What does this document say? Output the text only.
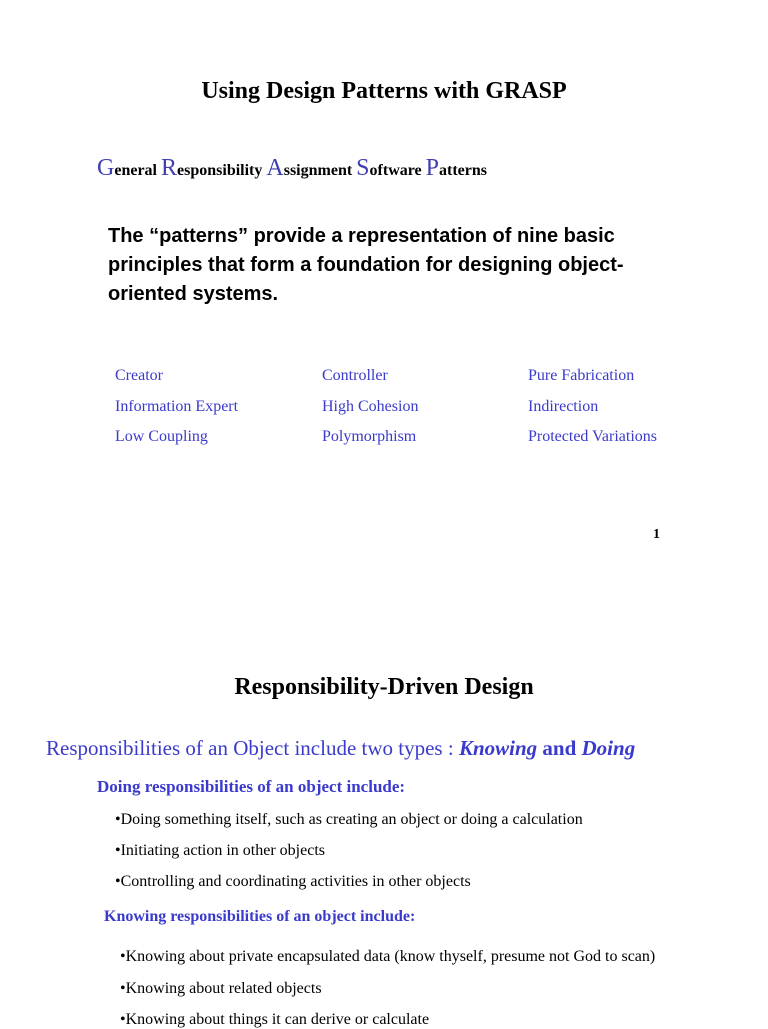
Using Design Patterns with GRASP
General Responsibility Assignment Software Patterns
The “patterns” provide a representation of nine basic principles that form a foundation for designing object-oriented systems.
Creator	Controller	Pure Fabrication
Information Expert	High Cohesion	Indirection
Low Coupling	Polymorphism	Protected Variations
1
Responsibility-Driven Design
Responsibilities of an Object include two types : Knowing and Doing
Doing responsibilities of an object include:
•Doing something itself, such as creating an object or doing a calculation
•Initiating action in other objects
•Controlling and coordinating activities in other objects
Knowing responsibilities of an object include:
•Knowing about private encapsulated data (know thyself, presume not God to scan)
•Knowing about related objects
•Knowing about things it can derive or calculate
